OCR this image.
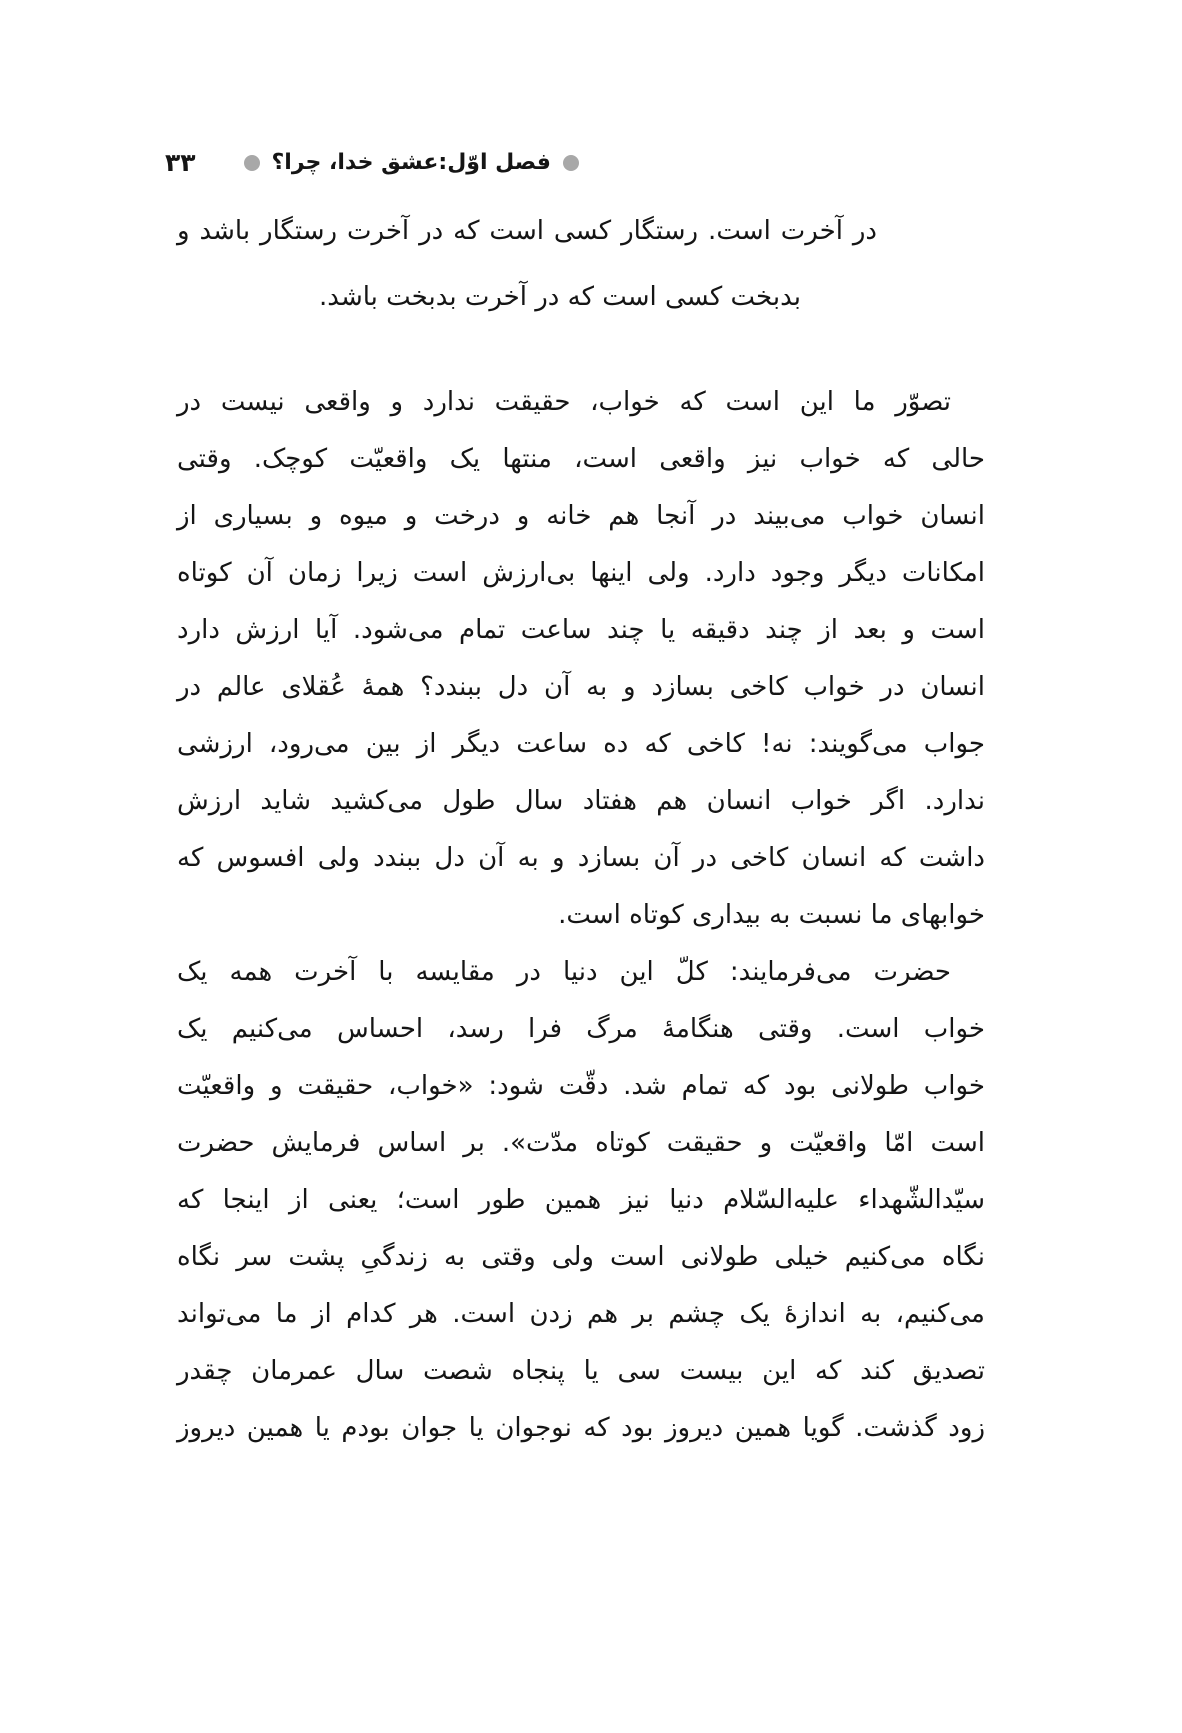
فصل اوّل:عشق خدا، چرا؟
۳۳
در آخرت است. رستگار کسی است که در آخرت رستگار باشد و
بدبخت کسی است که در آخرت بدبخت باشد.
تصوّر ما این است که خواب، حقیقت ندارد و واقعی نیست در
حالی که خواب نیز واقعی است، منتها یک واقعیّت کوچک. وقتی
انسان خواب می‌بیند در آنجا هم خانه و درخت و میوه و بسیاری از
امکانات دیگر وجود دارد. ولی اینها بی‌ارزش است زیرا زمان آن کوتاه
است و بعد از چند دقیقه یا چند ساعت تمام می‌شود. آیا ارزش دارد
انسان در خواب کاخی بسازد و به آن دل ببندد؟ همهٔ عُقلای عالم در
جواب می‌گویند: نه! کاخی که ده ساعت دیگر از بین می‌رود، ارزشی
ندارد. اگر خواب انسان هم هفتاد سال طول می‌کشید شاید ارزش
داشت که انسان کاخی در آن بسازد و به آن دل ببندد ولی افسوس که
خوابهای ما نسبت به بیداری کوتاه است.
حضرت می‌فرمایند: کلّ این دنیا در مقایسه با آخرت همه یک
خواب است. وقتی هنگامهٔ مرگ فرا رسد، احساس می‌کنیم یک
خواب طولانی بود که تمام شد. دقّت شود: «خواب، حقیقت و واقعیّت
است امّا واقعیّت و حقیقت کوتاه مدّت». بر اساس فرمایش حضرت
سیّدالشّهداء علیه‌السّلام دنیا نیز همین طور است؛ یعنی از اینجا که
نگاه می‌کنیم خیلی طولانی است ولی وقتی به زندگیِ پشت سر نگاه
می‌کنیم، به اندازهٔ یک چشم بر هم زدن است. هر کدام از ما می‌تواند
تصدیق کند که این بیست سی یا پنجاه شصت سال عمرمان چقدر
زود گذشت. گویا همین دیروز بود که نوجوان یا جوان بودم یا همین دیروز
